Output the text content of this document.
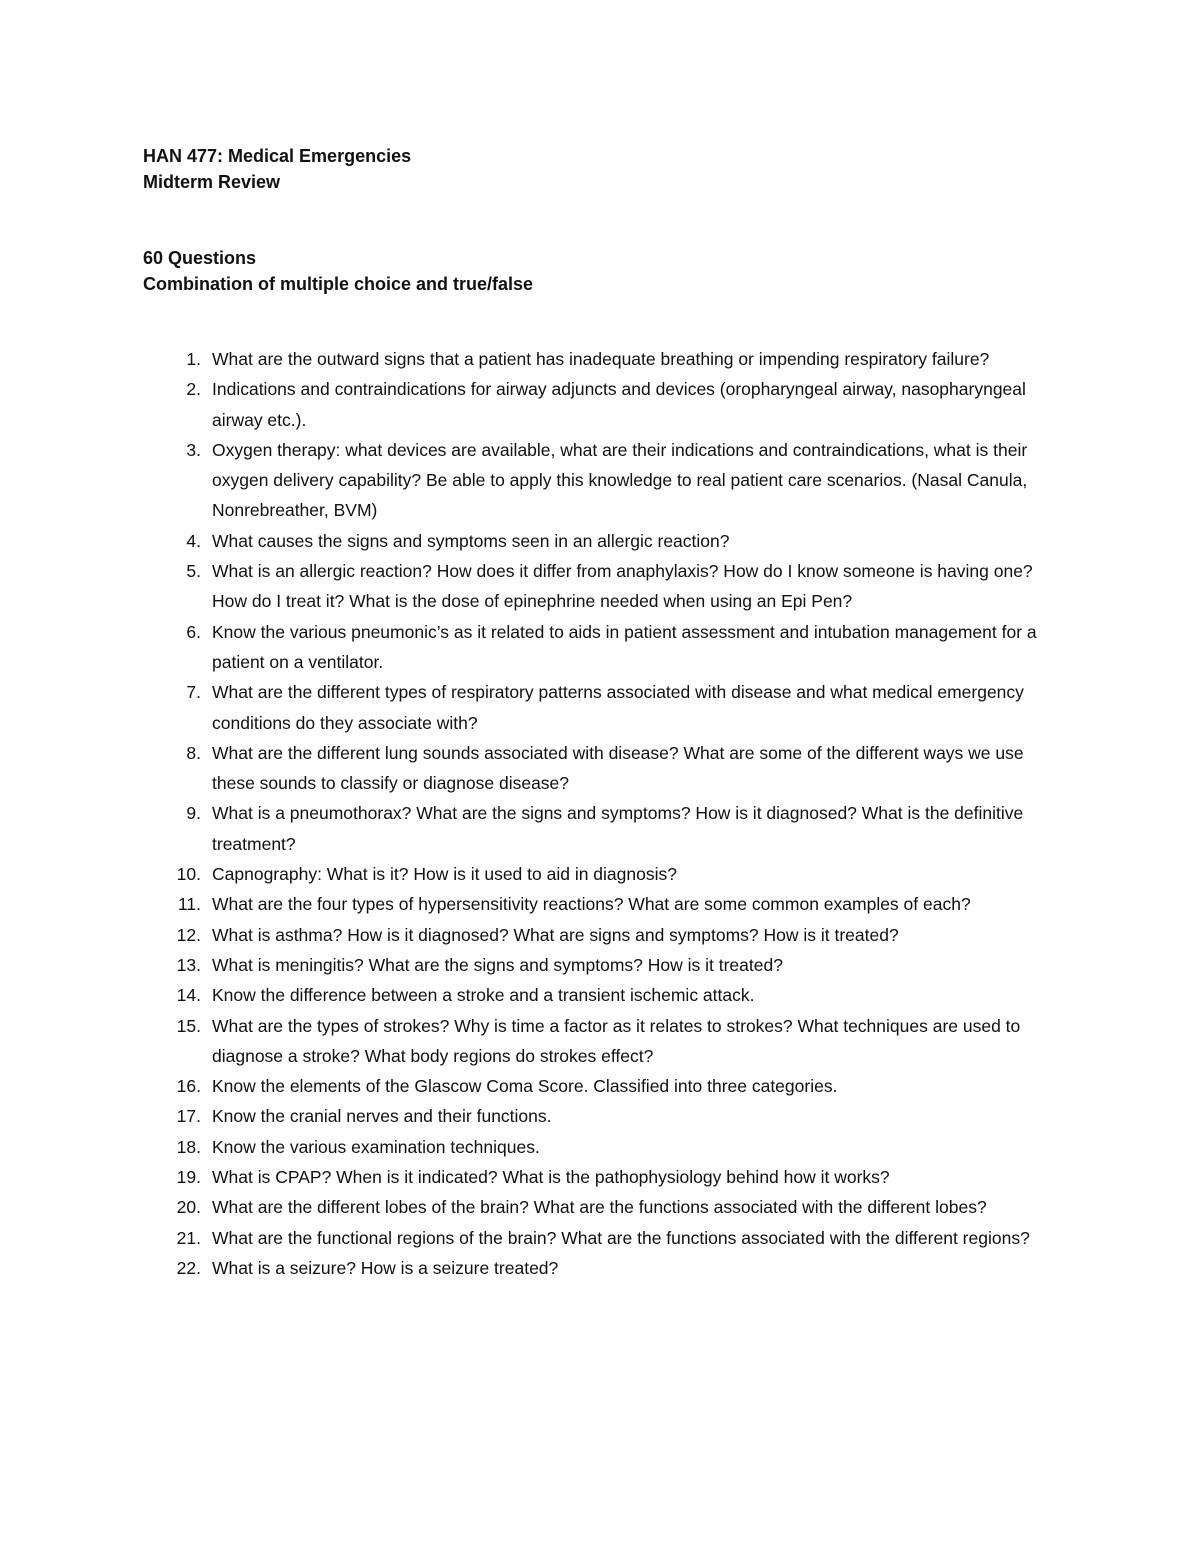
HAN 477: Medical Emergencies
Midterm Review
60 Questions
Combination of multiple choice and true/false
1. What are the outward signs that a patient has inadequate breathing or impending respiratory failure?
2. Indications and contraindications for airway adjuncts and devices (oropharyngeal airway, nasopharyngeal airway etc.).
3. Oxygen therapy: what devices are available, what are their indications and contraindications, what is their oxygen delivery capability? Be able to apply this knowledge to real patient care scenarios. (Nasal Canula, Nonrebreather, BVM)
4. What causes the signs and symptoms seen in an allergic reaction?
5. What is an allergic reaction? How does it differ from anaphylaxis? How do I know someone is having one? How do I treat it? What is the dose of epinephrine needed when using an Epi Pen?
6. Know the various pneumonic’s as it related to aids in patient assessment and intubation management for a patient on a ventilator.
7. What are the different types of respiratory patterns associated with disease and what medical emergency conditions do they associate with?
8. What are the different lung sounds associated with disease? What are some of the different ways we use these sounds to classify or diagnose disease?
9. What is a pneumothorax? What are the signs and symptoms? How is it diagnosed? What is the definitive treatment?
10. Capnography: What is it? How is it used to aid in diagnosis?
11. What are the four types of hypersensitivity reactions? What are some common examples of each?
12. What is asthma? How is it diagnosed? What are signs and symptoms? How is it treated?
13. What is meningitis? What are the signs and symptoms? How is it treated?
14. Know the difference between a stroke and a transient ischemic attack.
15. What are the types of strokes? Why is time a factor as it relates to strokes? What techniques are used to diagnose a stroke? What body regions do strokes effect?
16. Know the elements of the Glascow Coma Score. Classified into three categories.
17. Know the cranial nerves and their functions.
18. Know the various examination techniques.
19. What is CPAP? When is it indicated? What is the pathophysiology behind how it works?
20. What are the different lobes of the brain? What are the functions associated with the different lobes?
21. What are the functional regions of the brain? What are the functions associated with the different regions?
22. What is a seizure? How is a seizure treated?
